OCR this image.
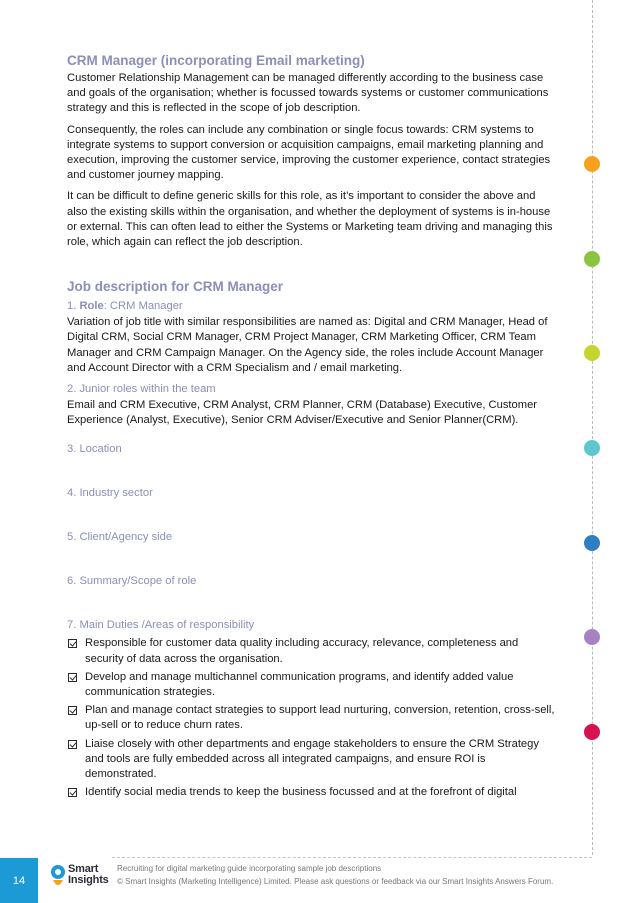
CRM Manager (incorporating Email marketing)

Customer Relationship Management can be managed differently according to the business case and goals of the organisation; whether is focussed towards systems or customer communications strategy and this is reflected in the scope of job description.

Consequently, the roles can include any combination or single focus towards: CRM systems to integrate systems to support conversion or acquisition campaigns, email marketing planning and execution, improving the customer service, improving the customer experience, contact strategies and customer journey mapping.

It can be difficult to define generic skills for this role, as it’s important to consider the above and also the existing skills within the organisation, and whether the deployment of systems is in-house or external. This can often lead to either the Systems or Marketing team driving and managing this role, which again can reflect the job description.

Job description for CRM Manager
1. Role: CRM Manager

Variation of job title with similar responsibilities are named as: Digital and CRM Manager, Head of Digital CRM, Social CRM Manager, CRM Project Manager, CRM Marketing Officer, CRM Team Manager and CRM Campaign Manager. On the Agency side, the roles include Account Manager and Account Director with a CRM Specialism and / email marketing.

2. Junior roles within the team

Email and CRM Executive, CRM Analyst, CRM Planner, CRM (Database) Executive, Customer Experience (Analyst, Executive), Senior CRM Adviser/Executive and Senior Planner(CRM).

3. Location
4. Industry sector
5. Client/Agency side
6. Summary/Scope of role
7. Main Duties /Areas of responsibility
Responsible for customer data quality including accuracy, relevance, completeness and security of data across the organisation.
Develop and manage multichannel communication programs, and identify added value communication strategies.
Plan and manage contact strategies to support lead nurturing, conversion, retention, cross-sell, up-sell or to reduce churn rates.
Liaise closely with other departments and engage stakeholders to ensure the CRM Strategy and tools are fully embedded across all integrated campaigns, and ensure ROI is demonstrated.
Identify social media trends to keep the business focussed and at the forefront of digital
14
Smart
Insights
Recruiting for digital marketing guide incorporating sample job descriptions
© Smart Insights (Marketing Intelligence) Limited. Please ask questions or feedback via our Smart Insights Answers Forum.
